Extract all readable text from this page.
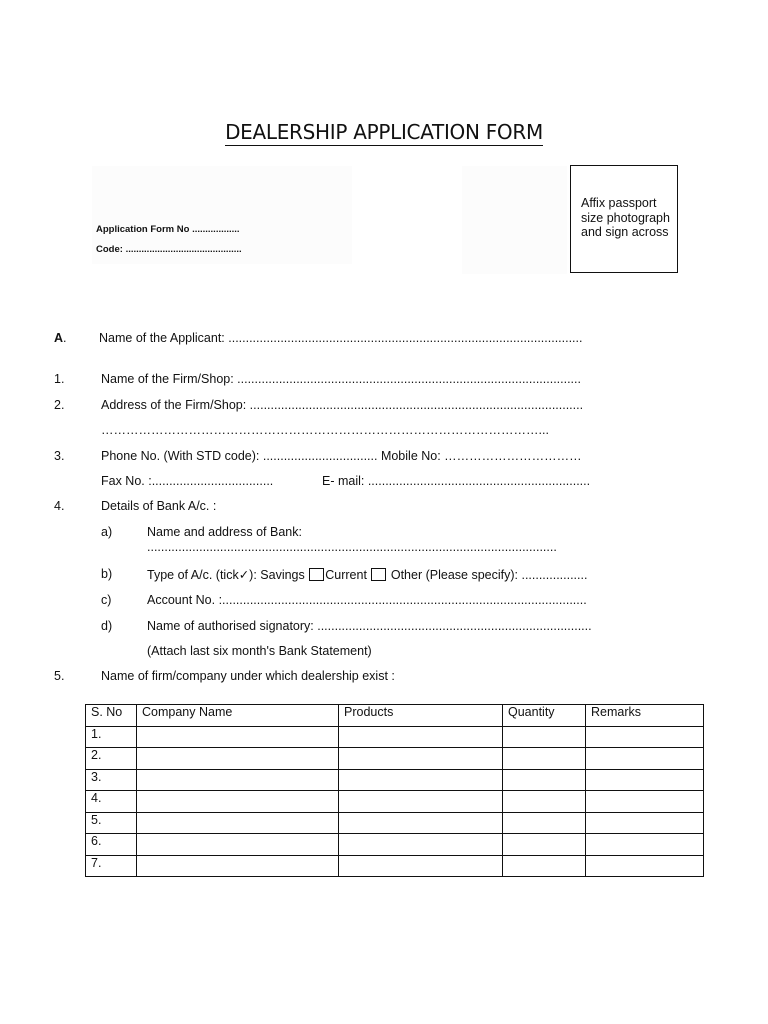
DEALERSHIP APPLICATION FORM
Application Form No ..................
Code: ............................................
Affix passport size photograph and sign across
A.	Name of the Applicant: ......................................................................................................
1.	Name of the Firm/Shop: ...................................................................................................
2.	Address of the Firm/Shop: ................................................................................................
……………………………………………………………………………………………...
3.	Phone No. (With STD code): ................................. Mobile No: ……………………………
Fax No. :...................................	E- mail: ................................................................
4.	Details of Bank A/c. :
a)	Name and address of Bank:
......................................................................................................................
b)	Type of A/c. (tick✓): Savings Current  Other (Please specify): ...................
c)	Account No. :.........................................................................................................
d)	Name of authorised signatory: ...............................................................................
(Attach last six month's Bank Statement)
5.	Name of firm/company under which dealership exist :
S. No	Company Name	Products	Quantity	Remarks
1.				
2.				
3.				
4.				
5.				
6.				
7.				
